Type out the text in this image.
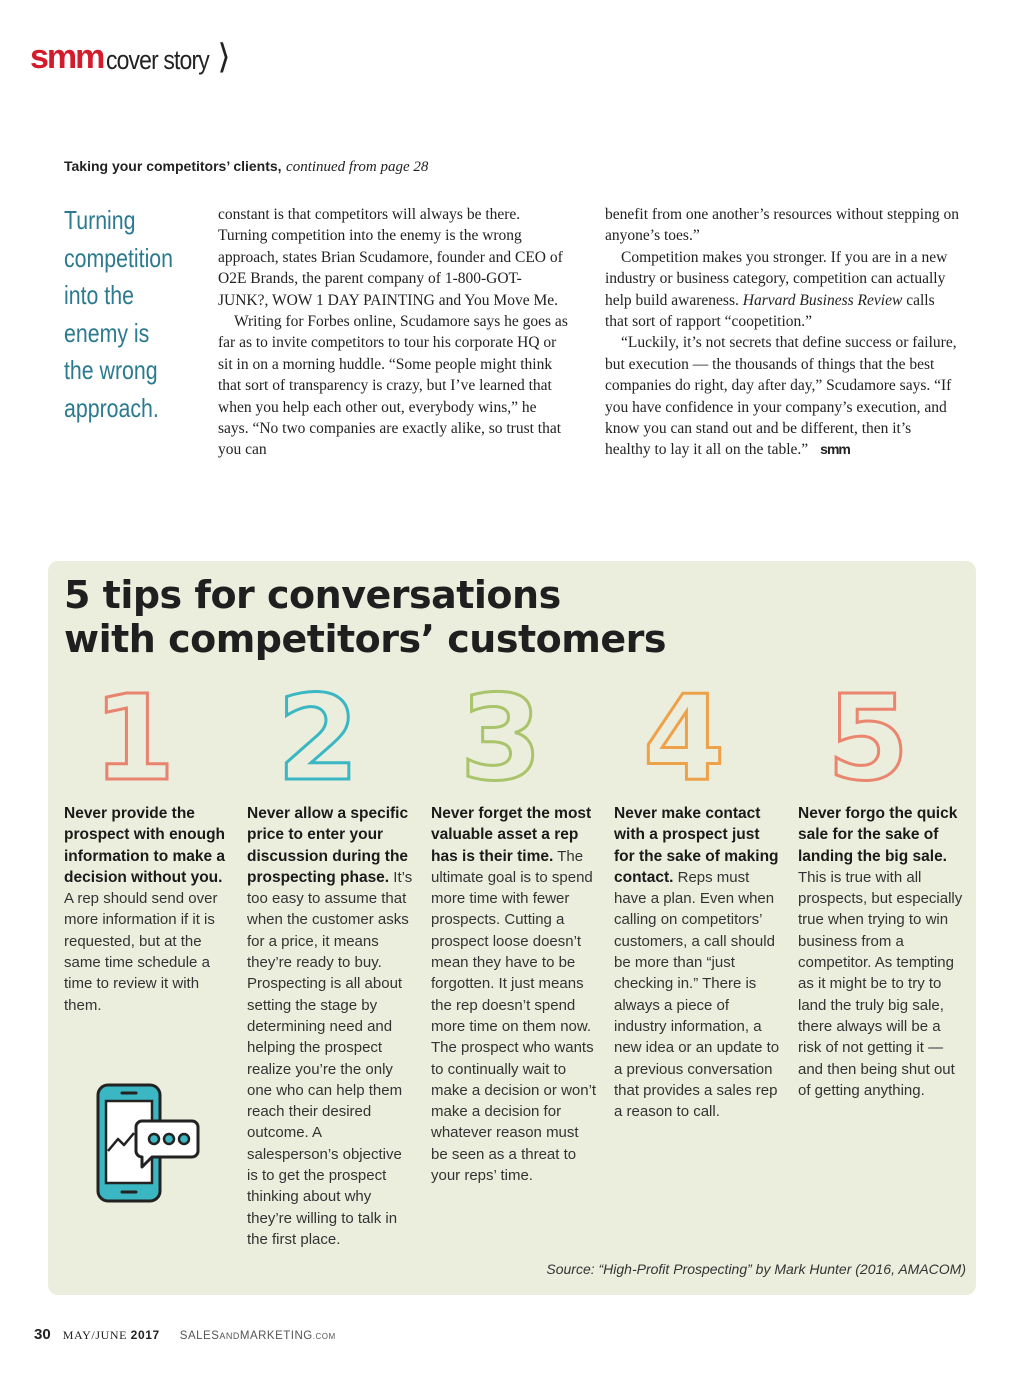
smm cover story ⟩
Taking your competitors’ clients, continued from page 28
Turning
competition
into the
enemy is
the wrong
approach.

constant is that competitors will always be there. Turning competition into the enemy is the wrong approach, states Brian Scudamore, founder and CEO of O2E Brands, the parent company of 1-800-GOT-JUNK?, WOW 1 DAY PAINTING and You Move Me.

Writing for Forbes online, Scudamore says he goes as far as to invite competitors to tour his corporate HQ or sit in on a morning huddle. “Some people might think that sort of transparency is crazy, but I’ve learned that when you help each other out, everybody wins,” he says. “No two companies are exactly alike, so trust that you can

benefit from one another’s resources without stepping on anyone’s toes.”

Competition makes you stronger. If you are in a new industry or business category, competition can actually help build awareness. Harvard Business Review calls that sort of rapport “coopetition.”

“Luckily, it’s not secrets that define success or failure, but execution — the thousands of things that the best companies do right, day after day,” Scudamore says. “If you have confidence in your company’s execution, and know you can stand out and be different, then it’s healthy to lay it all on the table.” smm

5 tips for conversations
with competitors’ customers
1 2 3 4 5
Never provide the prospect with enough information to make a decision without you. A rep should send over more information if it is requested, but at the same time schedule a time to review it with them.
Never allow a specific price to enter your discussion during the prospecting phase. It’s too easy to assume that when the customer asks for a price, it means they’re ready to buy. Prospecting is all about setting the stage by determining need and helping the prospect realize you’re the only one who can help them reach their desired outcome. A salesperson’s objective is to get the prospect thinking about why they’re willing to talk in the first place.
Never forget the most valuable asset a rep has is their time. The ultimate goal is to spend more time with fewer prospects. Cutting a prospect loose doesn’t mean they have to be forgotten. It just means the rep doesn’t spend more time on them now. The prospect who wants to continually wait to make a decision or won’t make a decision for whatever reason must be seen as a threat to your reps’ time.
Never make contact with a prospect just for the sake of making contact. Reps must have a plan. Even when calling on competitors’ customers, a call should be more than “just checking in.” There is always a piece of industry information, a new idea or an update to a previous conversation that provides a sales rep a reason to call.
Never forgo the quick sale for the sake of landing the big sale. This is true with all prospects, but especially true when trying to win business from a competitor. As tempting as it might be to try to land the truly big sale, there always will be a risk of not getting it — and then being shut out of getting anything.
Source: “High-Profit Prospecting” by Mark Hunter (2016, AMACOM)
30 MAY/JUNE 2017 SALESANDMARKETING.COM
